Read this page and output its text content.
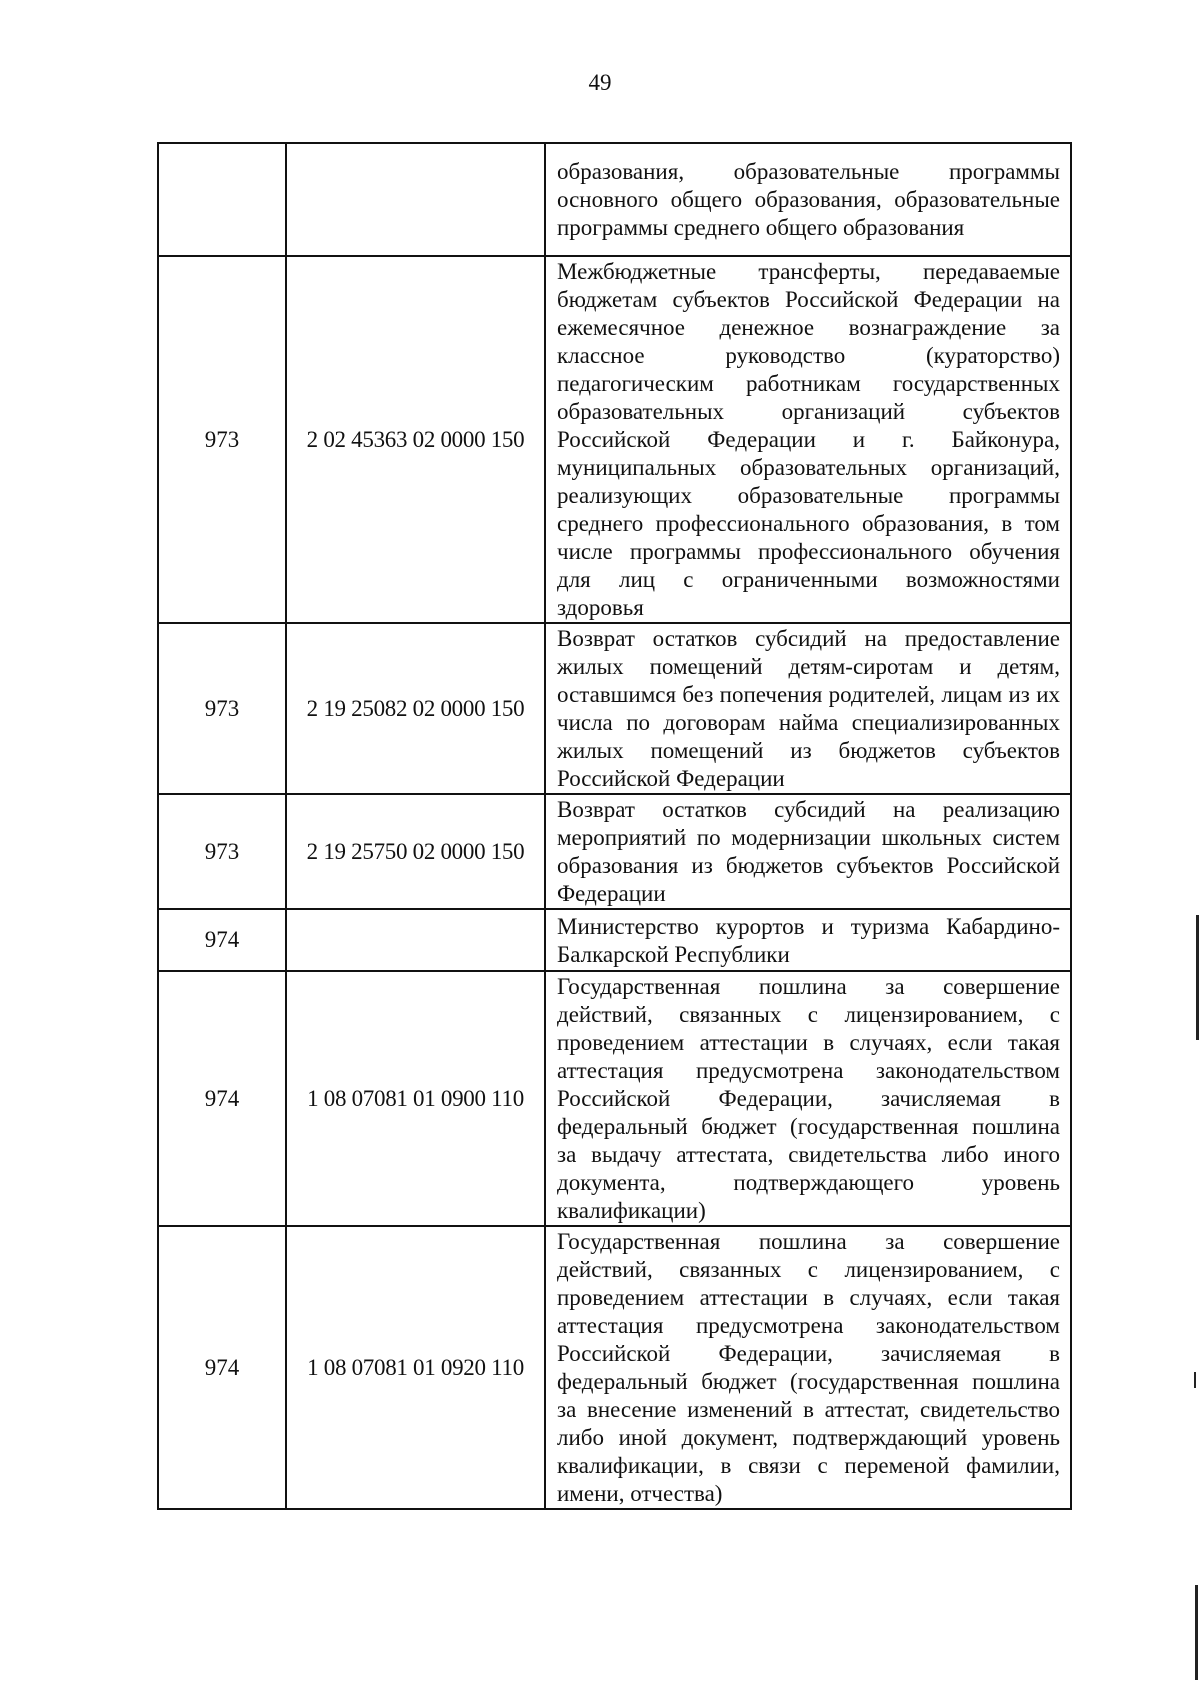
49
		образования, образовательные программы основного общего образования, образовательные программы среднего общего образования
973	2 02 45363 02 0000 150	Межбюджетные трансферты, передаваемые бюджетам субъектов Российской Федерации на ежемесячное денежное вознаграждение за классное руководство (кураторство) педагогическим работникам государственных образовательных организаций субъектов Российской Федерации и г. Байконура, муниципальных образовательных организаций, реализующих образовательные программы среднего профессионального образования, в том числе программы профессионального обучения для лиц с ограниченными возможностями здоровья
973	2 19 25082 02 0000 150	Возврат остатков субсидий на предоставление жилых помещений детям-сиротам и детям, оставшимся без попечения родителей, лицам из их числа по договорам найма специализированных жилых помещений из бюджетов субъектов Российской Федерации
973	2 19 25750 02 0000 150	Возврат остатков субсидий на реализацию мероприятий по модернизации школьных систем образования из бюджетов субъектов Российской Федерации
974		Министерство курортов и туризма Кабардино-Балкарской Республики
974	1 08 07081 01 0900 110	Государственная пошлина за совершение действий, связанных с лицензированием, с проведением аттестации в случаях, если такая аттестация предусмотрена законодательством Российской Федерации, зачисляемая в федеральный бюджет (государственная пошлина за выдачу аттестата, свидетельства либо иного документа, подтверждающего уровень квалификации)
974	1 08 07081 01 0920 110	Государственная пошлина за совершение действий, связанных с лицензированием, с проведением аттестации в случаях, если такая аттестация предусмотрена законодательством Российской Федерации, зачисляемая в федеральный бюджет (государственная пошлина за внесение изменений в аттестат, свидетельство либо иной документ, подтверждающий уровень квалификации, в связи с переменой фамилии, имени, отчества)
